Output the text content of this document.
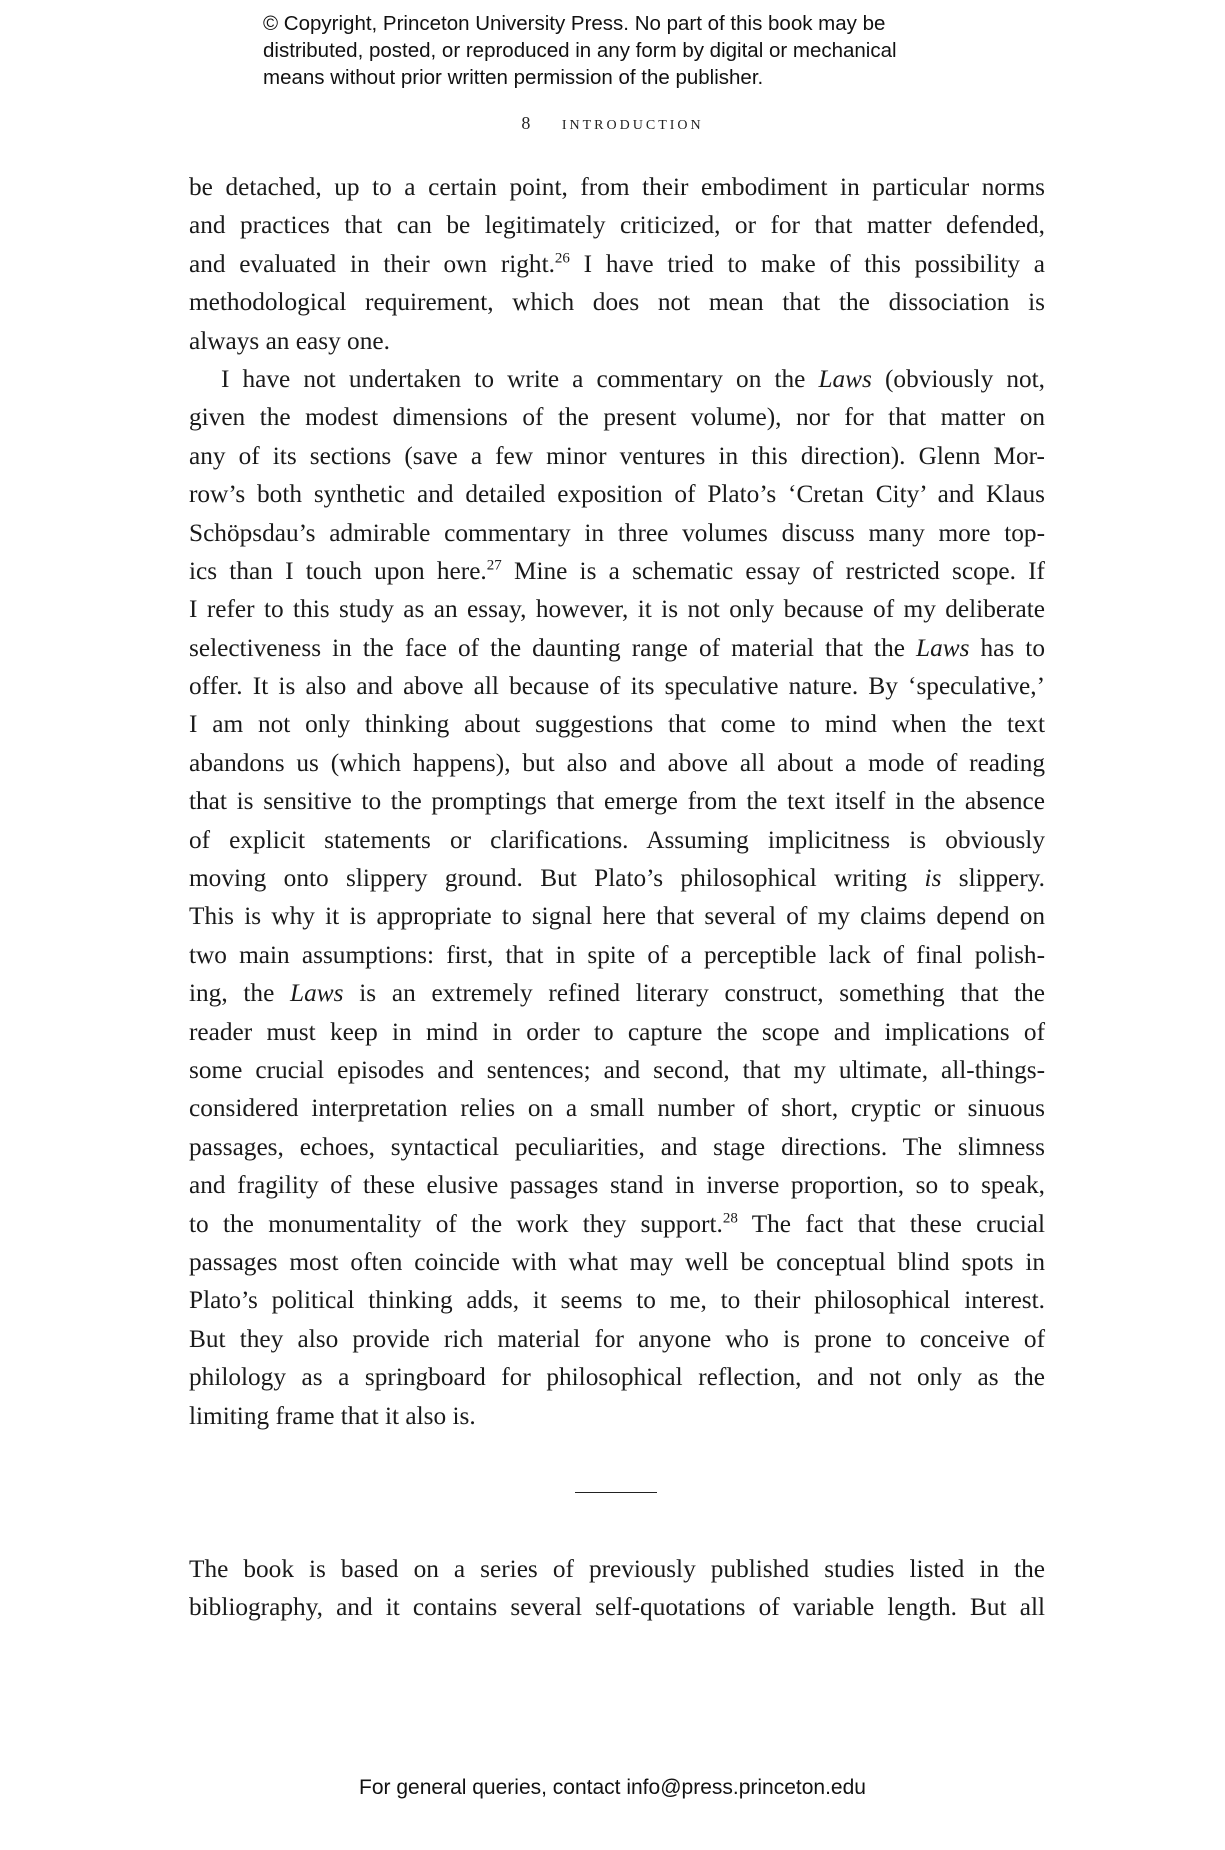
© Copyright, Princeton University Press. No part of this book may be
distributed, posted, or reproduced in any form by digital or mechanical
means without prior written permission of the publisher.
8 introduction
be detached, up to a certain point, from their embodiment in particular norms
and practices that can be legitimately criticized, or for that matter defended,
and evaluated in their own right.$^{26}$ I have tried to make of this possibility a
methodological requirement, which does not mean that the dissociation is
always an easy one.
I have not undertaken to write a commentary on the Laws (obviously not,
given the modest dimensions of the present volume), nor for that matter on
any of its sections (save a few minor ventures in this direction). Glenn Mor-
row’s both synthetic and detailed exposition of Plato’s ‘Cretan City’ and Klaus
Schöpsdau’s admirable commentary in three volumes discuss many more top-
ics than I touch upon here.$^{27}$ Mine is a schematic essay of restricted scope. If
I refer to this study as an essay, however, it is not only because of my deliberate
selectiveness in the face of the daunting range of material that the Laws has to
offer. It is also and above all because of its speculative nature. By ‘speculative,’
I am not only thinking about suggestions that come to mind when the text
abandons us (which happens), but also and above all about a mode of reading
that is sensitive to the promptings that emerge from the text itself in the absence
of explicit statements or clarifications. Assuming implicitness is obviously
moving onto slippery ground. But Plato’s philosophical writing is slippery.
This is why it is appropriate to signal here that several of my claims depend on
two main assumptions: first, that in spite of a perceptible lack of final polish-
ing, the Laws is an extremely refined literary construct, something that the
reader must keep in mind in order to capture the scope and implications of
some crucial episodes and sentences; and second, that my ultimate, all-things-
considered interpretation relies on a small number of short, cryptic or sinuous
passages, echoes, syntactical peculiarities, and stage directions. The slimness
and fragility of these elusive passages stand in inverse proportion, so to speak,
to the monumentality of the work they support.$^{28}$ The fact that these crucial
passages most often coincide with what may well be conceptual blind spots in
Plato’s political thinking adds, it seems to me, to their philosophical interest.
But they also provide rich material for anyone who is prone to conceive of
philology as a springboard for philosophical reflection, and not only as the
limiting frame that it also is.
The book is based on a series of previously published studies listed in the
bibliography, and it contains several self-quotations of variable length. But all
For general queries, contact info@press.princeton.edu
